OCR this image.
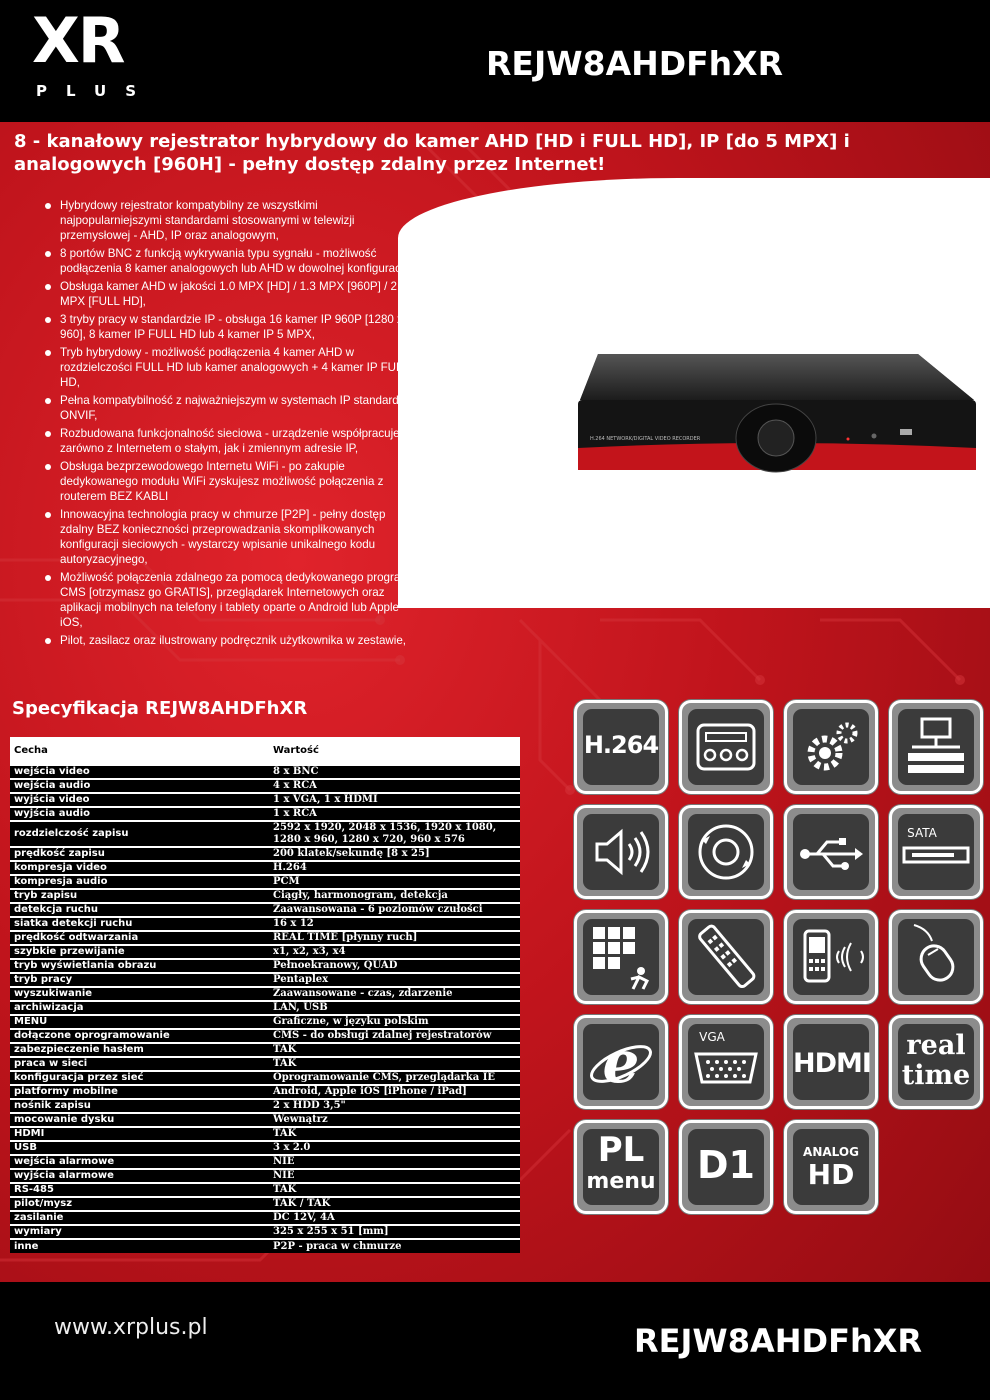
XR
PLUS
REJW8AHDFhXR
8 - kanałowy rejestrator hybrydowy do kamer AHD [HD i FULL HD], IP [do 5 MPX] i analogowych [960H] - pełny dostęp zdalny przez Internet!
H.264 NETWORK/DIGITAL VIDEO RECORDER
Hybrydowy rejestrator kompatybilny ze wszystkimi najpopularniejszymi standardami stosowanymi w telewizji przemysłowej - AHD, IP oraz analogowym,
8 portów BNC z funkcją wykrywania typu sygnału - możliwość podłączenia 8 kamer analogowych lub AHD w dowolnej konfiguracji,
Obsługa kamer AHD w jakości 1.0 MPX [HD] / 1.3 MPX [960P] / 2.0 MPX [FULL HD],
3 tryby pracy w standardzie IP - obsługa 16 kamer IP 960P [1280 x 960], 8 kamer IP FULL HD lub 4 kamer IP 5 MPX,
Tryb hybrydowy - możliwość podłączenia 4 kamer AHD w rozdzielczości FULL HD lub kamer analogowych + 4 kamer IP FULL HD,
Pełna kompatybilność z najważniejszym w systemach IP standardem ONVIF,
Rozbudowana funkcjonalność sieciowa - urządzenie współpracuje zarówno z Internetem o stałym, jak i zmiennym adresie IP,
Obsługa bezprzewodowego Internetu WiFi - po zakupie dedykowanego modułu WiFi zyskujesz możliwość połączenia z routerem BEZ KABLI
Innowacyjna technologia pracy w chmurze [P2P] - pełny dostęp zdalny BEZ konieczności przeprowadzania skomplikowanych konfiguracji sieciowych - wystarczy wpisanie unikalnego kodu autoryzacyjnego,
Możliwość połączenia zdalnego za pomocą dedykowanego programu CMS [otrzymasz go GRATIS], przeglądarek Internetowych oraz aplikacji mobilnych na telefony i tablety oparte o Android lub Apple iOS,
Pilot, zasilacz oraz ilustrowany podręcznik użytkownika w zestawie,
Specyfikacja REJW8AHDFhXR
Cecha	Wartość
wejścia video	8 x BNC
wejścia audio	4 x RCA
wyjścia video	1 x VGA, 1 x HDMI
wyjścia audio	1 x RCA
rozdzielczość zapisu	2592 x 1920, 2048 x 1536, 1920 x 1080, 1280 x 960, 1280 x 720, 960 x 576
prędkość zapisu	200 klatek/sekundę [8 x 25]
kompresja video	H.264
kompresja audio	PCM
tryb zapisu	Ciągły, harmonogram, detekcja
detekcja ruchu	Zaawansowana - 6 poziomów czułości
siatka detekcji ruchu	16 x 12
prędkość odtwarzania	REAL TIME [płynny ruch]
szybkie przewijanie	x1, x2, x3, x4
tryb wyświetlania obrazu	Pełnoekranowy, QUAD
tryb pracy	Pentaplex
wyszukiwanie	Zaawansowane - czas, zdarzenie
archiwizacja	LAN, USB
MENU	Graficzne, w języku polskim
dołączone oprogramowanie	CMS - do obsługi zdalnej rejestratorów
zabezpieczenie hasłem	TAK
praca w sieci	TAK
konfiguracja przez sieć	Oprogramowanie CMS, przeglądarka IE
platformy mobilne	Android, Apple iOS [iPhone / iPad]
nośnik zapisu	2 x HDD 3,5"
mocowanie dysku	Wewnątrz
HDMI	TAK
USB	3 x 2.0
wejścia alarmowe	NIE
wyjścia alarmowe	NIE
RS-485	TAK
pilot/mysz	TAK / TAK
zasilanie	DC 12V, 4A
wymiary	325 x 255 x 51 [mm]
inne	P2P - praca w chmurze
H.264
SATA
e	VGA
HDMI
real
time
PL
menu D1	ANALOG
HD
www.xrplus.pl	REJW8AHDFhXR
